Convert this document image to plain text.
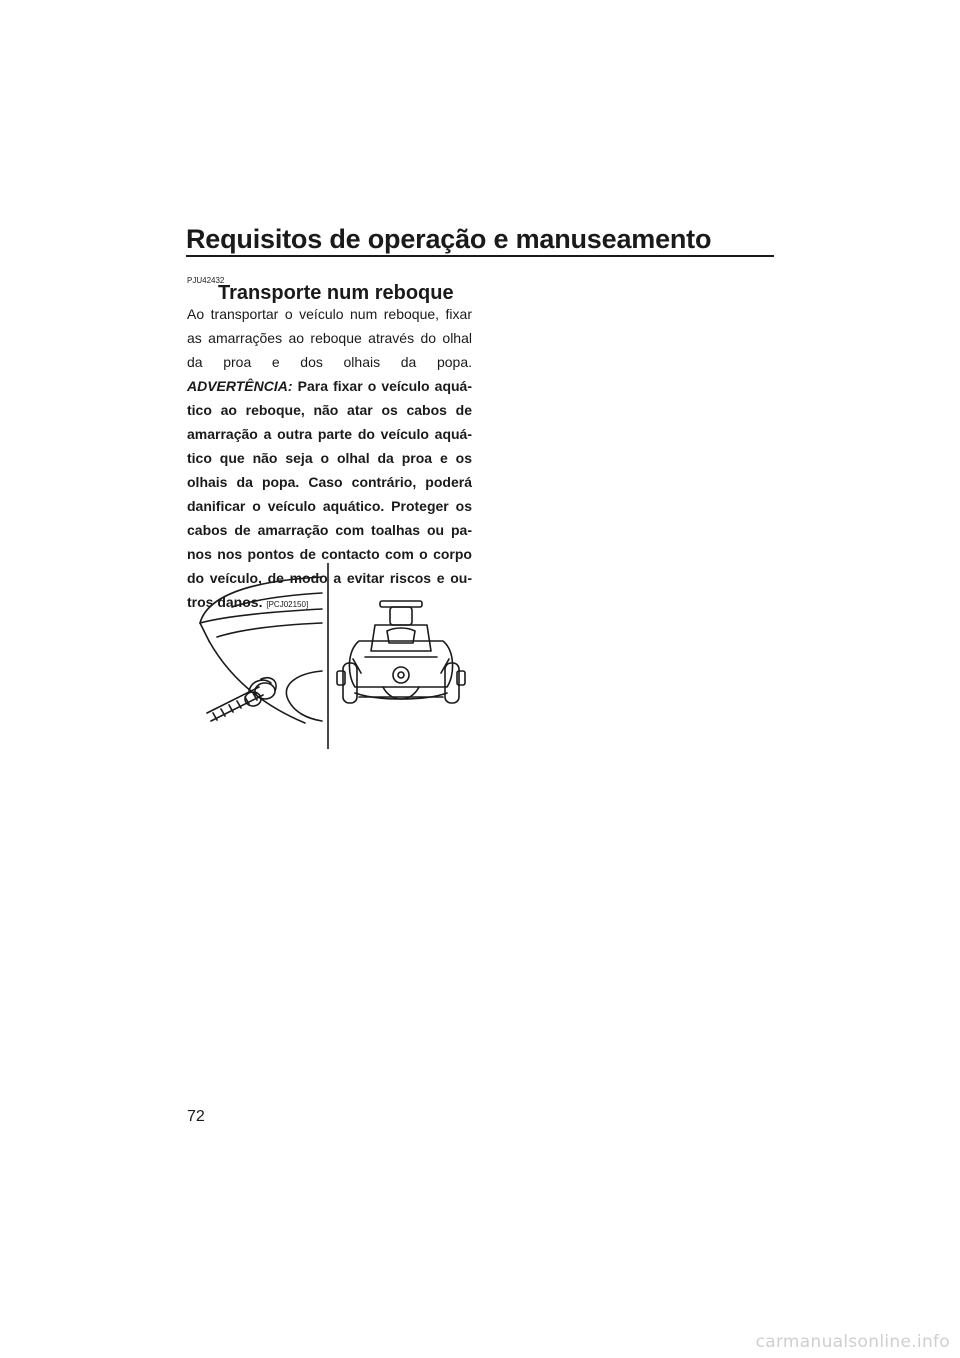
Requisitos de operação e manuseamento
PJU42432
Transporte num reboque

Ao transportar o veículo num reboque, fixar as amarrações ao reboque através do olhal da proa e dos olhais da popa.
ADVERTÊNCIA: Para fixar o veículo aquá-tico ao reboque, não atar os cabos de amarração a outra parte do veículo aquá-tico que não seja o olhal da proa e os olhais da popa. Caso contrário, poderá danificar o veículo aquático. Proteger os cabos de amarração com toalhas ou pa-nos nos pontos de contacto com o corpo do veículo, de modo a evitar riscos e ou-tros danos. [PCJ02150]

72
carmanualsonline.info
